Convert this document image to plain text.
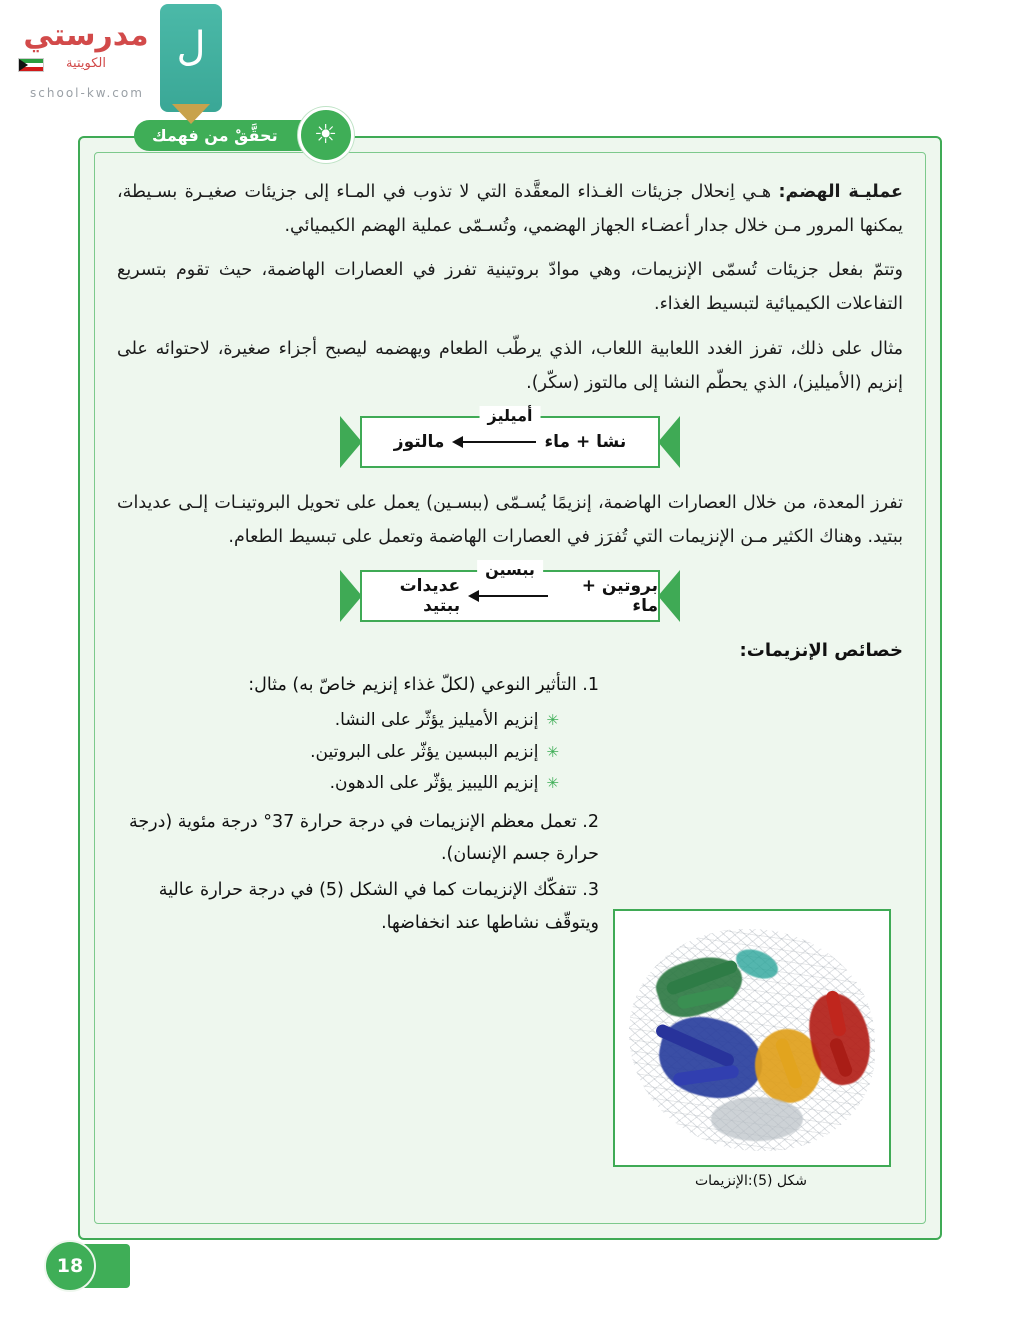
مدرستي
الكويتية
school-kw.com
ل
☀
تحقَّقْ من فهمك

عمليـة الهضم: هـي اِنحلال جزيئات الغـذاء المعقَّدة التي لا تذوب في المـاء إلى جزيئات صغيـرة بسـيطة، يمكنها المرور مـن خلال جدار أعضـاء الجهاز الهضمي، وتُسـمّى عملية الهضم الكيميائي.

وتتمّ بفعل جزيئات تُسمّى الإنزيمات، وهي موادّ بروتينية تفرز في العصارات الهاضمة، حيث تقوم بتسريع التفاعلات الكيميائية لتبسيط الغذاء.

مثال على ذلك، تفرز الغدد اللعابية اللعاب، الذي يرطّب الطعام ويهضمه ليصبح أجزاء صغيرة، لاحتوائه على إنزيم (الأميليز)، الذي يحطّم النشا إلى مالتوز (سكّر).

أميليز
نشا + ماء
مالتوز

تفرز المعدة، من خلال العصارات الهاضمة، إنزيمًا يُسـمّى (ببسـين) يعمل على تحويل البروتينـات إلـى عديدات ببتيد. وهناك الكثير مـن الإنزيمات التي تُفرَز في العصارات الهاضمة وتعمل على تبسيط الطعام.

ببسين
بروتين + ماء
عديدات ببتيد
خصائص الإنزيمات:
1. التأثير النوعي (لكلّ غذاء إنزيم خاصّ به) مثال:
✳
إنزيم الأميليز يؤثّر على النشا.
✳
إنزيم الببسين يؤثّر على البروتين.
✳
إنزيم الليبيز يؤثّر على الدهون.
2. تعمل معظم الإنزيمات في درجة حرارة 37° درجة مئوية (درجة حرارة جسم الإنسان).
3. تتفكّك الإنزيمات كما في الشكل (5) في درجة حرارة عالية ويتوقّف نشاطها عند انخفاضها.
شكل (5):الإنزيمات
18
